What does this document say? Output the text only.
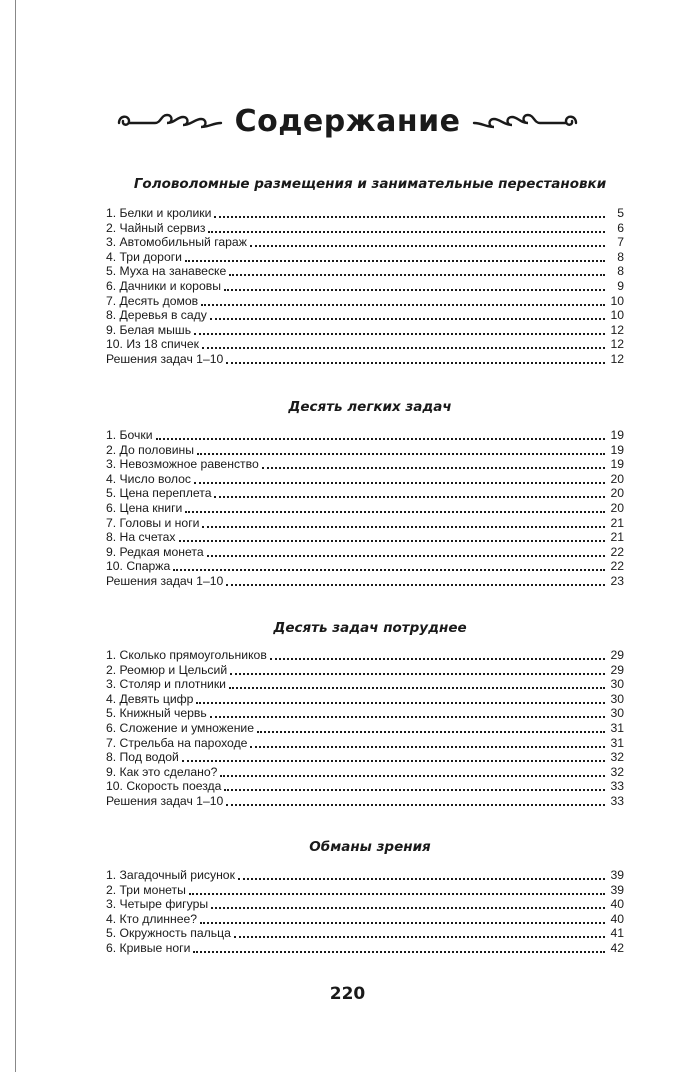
Содержание
Головоломные размещения и занимательные перестановки
1. Белки и кролики	5
2. Чайный сервиз	6
3. Автомобильный гараж	7
4. Три дороги	8
5. Муха на занавеске	8
6. Дачники и коровы	9
7. Десять домов	10
8. Деревья в саду	10
9. Белая мышь	12
10. Из 18 спичек	12
Решения задач 1–10	12
Десять легких задач
1. Бочки	19
2. До половины	19
3. Невозможное равенство	19
4. Число волос	20
5. Цена переплета	20
6. Цена книги	20
7. Головы и ноги	21
8. На счетах	21
9. Редкая монета	22
10. Спаржа	22
Решения задач 1–10	23
Десять задач потруднее
1. Сколько прямоугольников	29
2. Реомюр и Цельсий	29
3. Столяр и плотники	30
4. Девять цифр	30
5. Книжный червь	30
6. Сложение и умножение	31
7. Стрельба на пароходе	31
8. Под водой	32
9. Как это сделано?	32
10. Скорость поезда	33
Решения задач 1–10	33
Обманы зрения
1. Загадочный рисунок	39
2. Три монеты	39
3. Четыре фигуры	40
4. Кто длиннее?	40
5. Окружность пальца	41
6. Кривые ноги	42
220
